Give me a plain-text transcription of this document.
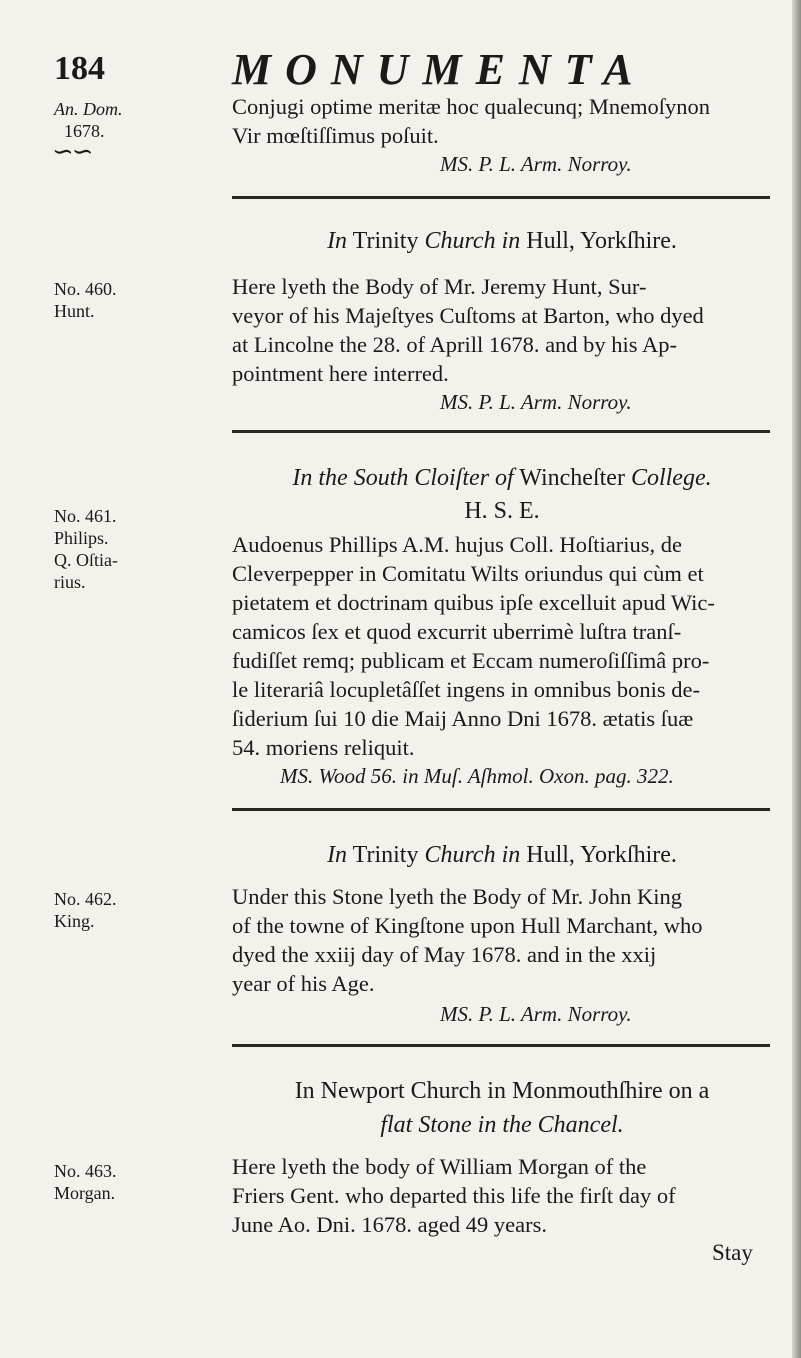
184	MONUMENTA
An. Dom.
1678.
∽∽
Conjugi optime meritæ hoc qualecunq; Mnemoſynon
Vir mœſtiſſimus poſuit.
MS. P. L. Arm. Norroy.
In Trinity Church in Hull, Yorkſhire.
No. 460.
Hunt.
Here lyeth the Body of Mr. Jeremy Hunt, Sur-
veyor of his Majeſtyes Cuſtoms at Barton, who dyed
at Lincolne the 28. of Aprill 1678. and by his Ap-
pointment here interred.
MS. P. L. Arm. Norroy.
In the South Cloiſter of Wincheſter College.
H. S. E.
No. 461.
Philips.
Q. Oſtia-
rius.
Audoenus Phillips A.M. hujus Coll. Hoſtiarius, de
Cleverpepper in Comitatu Wilts oriundus qui cùm et
pietatem et doctrinam quibus ipſe excelluit apud Wic-
camicos ſex et quod excurrit uberrimè luſtra tranſ-
fudiſſet remq; publicam et Eccam numeroſiſſimâ pro-
le literariâ locupletâſſet ingens in omnibus bonis de-
ſiderium ſui 10 die Maij Anno Dni 1678. ætatis ſuæ
54. moriens reliquit.
MS. Wood 56. in Muſ. Aſhmol. Oxon. pag. 322.
In Trinity Church in Hull, Yorkſhire.
No. 462.
King.
Under this Stone lyeth the Body of Mr. John King
of the towne of Kingſtone upon Hull Marchant, who
dyed the xxiij day of May 1678. and in the xxij
year of his Age.
MS. P. L. Arm. Norroy.
In Newport Church in Monmouthſhire on a
flat Stone in the Chancel.
No. 463.
Morgan.
Here lyeth the body of William Morgan of the
Friers Gent. who departed this life the firſt day of
June Ao. Dni. 1678. aged 49 years.
Stay
